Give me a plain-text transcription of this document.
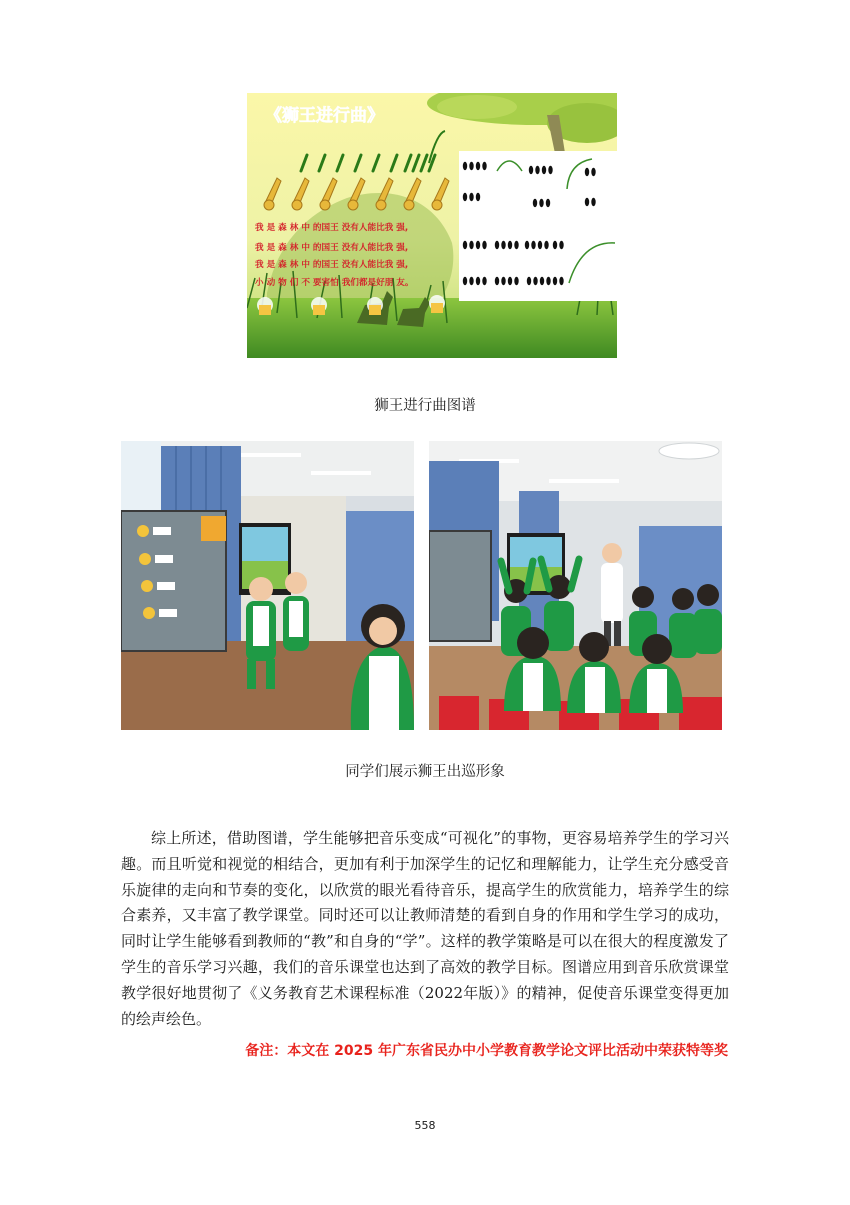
《狮王进行曲》
我 是 森 林 中 的国王 没有人能比我 强,
我 是 森 林 中 的国王 没有人能比我 强,
我 是 森 林 中 的国王 没有人能比我 强,
小 动 物 们 不 要害怕 我们都是好朋 友。
狮王进行曲图谱
同学们展示狮王出巡形象

综上所述，借助图谱，学生能够把音乐变成“可视化”的事物，更容易培养学生的学习兴趣。而且听觉和视觉的相结合，更加有利于加深学生的记忆和理解能力，让学生充分感受音乐旋律的走向和节奏的变化，以欣赏的眼光看待音乐，提高学生的欣赏能力，培养学生的综合素养，又丰富了教学课堂。同时还可以让教师清楚的看到自身的作用和学生学习的成功，同时让学生能够看到教师的“教”和自身的“学”。这样的教学策略是可以在很大的程度激发了学生的音乐学习兴趣，我们的音乐课堂也达到了高效的教学目标。图谱应用到音乐欣赏课堂教学很好地贯彻了《义务教育艺术课程标准（2022年版）》的精神，促使音乐课堂变得更加的绘声绘色。

备注：本文在 2025 年广东省民办中小学教育教学论文评比活动中荣获特等奖
558
